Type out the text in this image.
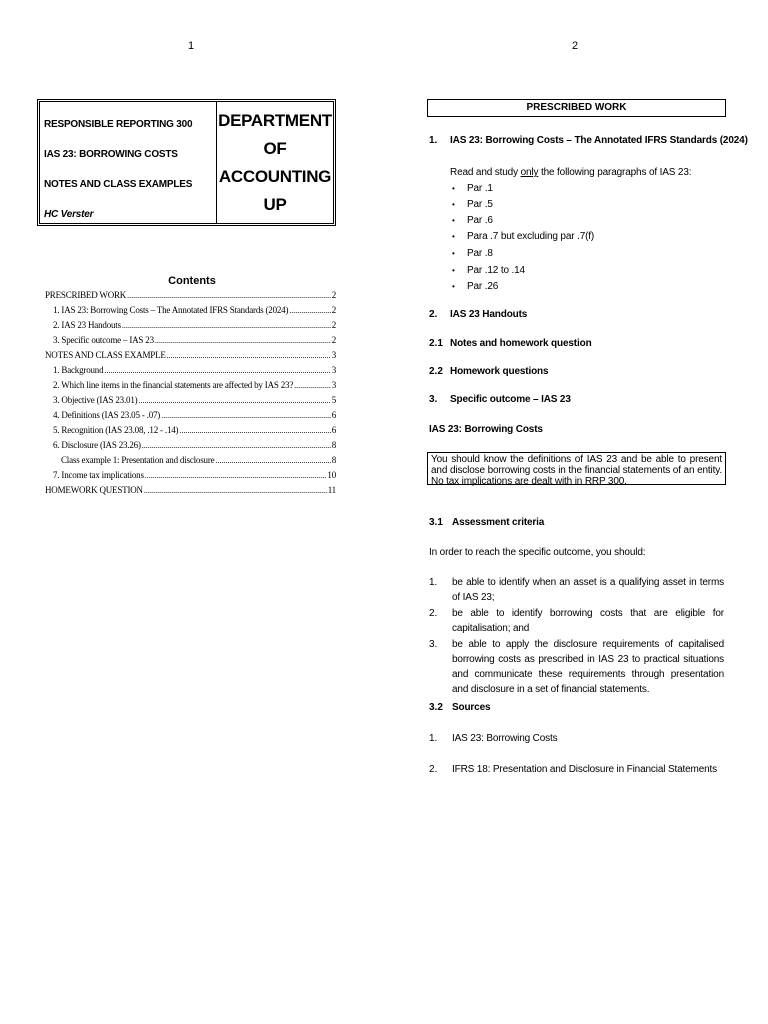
1
RESPONSIBLE REPORTING 300
IAS 23: BORROWING COSTS
NOTES AND CLASS EXAMPLES
HC Verster
DEPARTMENT OF
ACCOUNTING
UP
Contents
PRESCRIBED WORK .....	2
1. IAS 23: Borrowing Costs – The Annotated IFRS Standards (2024) .....	2
2. IAS 23 Handouts .....	2
3. Specific outcome – IAS 23 .....	2
NOTES AND CLASS EXAMPLE .....	3
1. Background .....	3
2. Which line items in the financial statements are affected by IAS 23? .....	3
3. Objective (IAS 23.01) .....	5
4. Definitions (IAS 23.05 - .07) .....	6
5. Recognition (IAS 23.08, .12 - .14) .....	6
6. Disclosure (IAS 23.26) .....	8
Class example 1: Presentation and disclosure .....	8
7. Income tax implications .....	10
HOMEWORK QUESTION .....	11
2
PRESCRIBED WORK
1. IAS 23: Borrowing Costs – The Annotated IFRS Standards (2024)
Read and study only the following paragraphs of IAS 23:
• Par .1
• Par .5
• Par .6
• Para .7 but excluding par .7(f)
• Par .8
• Par .12 to .14
• Par .26
2. IAS 23 Handouts
2.1 Notes and homework question
2.2 Homework questions
3. Specific outcome – IAS 23
IAS 23: Borrowing Costs
You should know the definitions of IAS 23 and be able to present and disclose borrowing costs in the financial statements of an entity. No tax implications are dealt with in RRP 300.
3.1 Assessment criteria
In order to reach the specific outcome, you should:
1. be able to identify when an asset is a qualifying asset in terms of IAS 23;
2. be able to identify borrowing costs that are eligible for capitalisation; and
3. be able to apply the disclosure requirements of capitalised borrowing costs as prescribed in IAS 23 to practical situations and communicate these requirements through presentation and disclosure in a set of financial statements.
3.2 Sources
1. IAS 23: Borrowing Costs
2. IFRS 18: Presentation and Disclosure in Financial Statements
